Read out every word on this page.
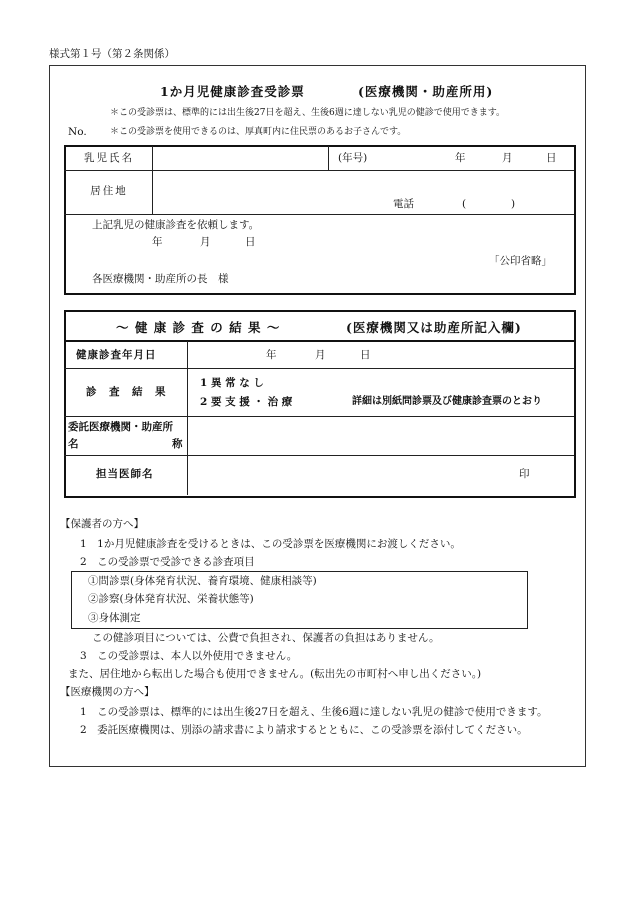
様式第１号（第２条関係）
1か月児健康診査受診票	(医療機関・助産所用)
＊この受診票は、標準的には出生後27日を超え、生後6週に達しない乳児の健診で使用できます。
No.	＊この受診票を使用できるのは、厚真町内に住民票のあるお子さんです。
乳児氏名	(年号)	年	月	日
居住地
電話	(	)
上記乳児の健康診査を依頼します。
年	月	日
「公印省略」
各医療機関・助産所の長　様
～ 健 康 診 査 の 結 果 ～	(医療機関又は助産所記入欄)
健康診査年月日	年	月	日
診　査　結　果
1 異 常 な し
2 要 支 援 ・ 治 療	詳細は別紙問診票及び健康診査票のとおり
委託医療機関・助産所
名	称
担当医師名	印
【保護者の方へ】
1　1か月児健康診査を受けるときは、この受診票を医療機関にお渡しください。
2　この受診票で受診できる診査項目
①問診票(身体発育状況、養育環境、健康相談等)
②診察(身体発育状況、栄養状態等)
③身体測定
この健診項目については、公費で負担され、保護者の負担はありません。
3　この受診票は、本人以外使用できません。
また、居住地から転出した場合も使用できません。(転出先の市町村へ申し出ください。)
【医療機関の方へ】
1　この受診票は、標準的には出生後27日を超え、生後6週に達しない乳児の健診で使用できます。
2　委託医療機関は、別添の請求書により請求するとともに、この受診票を添付してください。
